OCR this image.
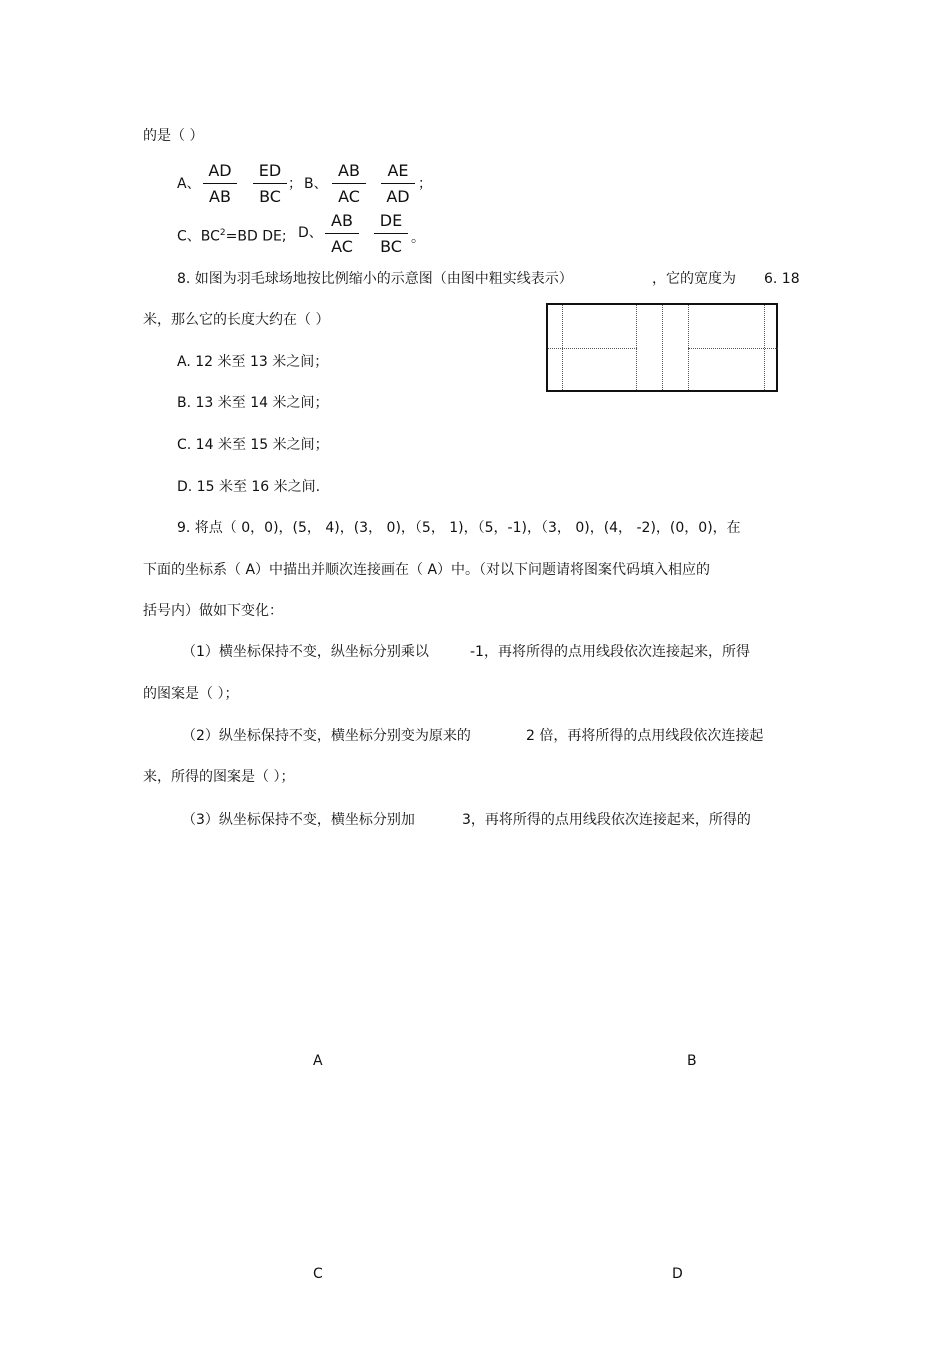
的是（ ）
A、
AD
AB
ED
BC
； B、
AB
AC
AE
AD
；
C、$BC^2=BD$ DE; D、
AB
AC
DE
BC 。
8. 如图为羽毛球场地按比例缩小的示意图（由图中粗实线表示）	，它的宽度为 6. 18
米，那么它的长度大约在（ ）
A. 12 米至 13 米之间；
B. 13 米至 14 米之间；
C. 14 米至 15 米之间；
D. 15 米至 16 米之间.
9. 将点（ 0，0)，(5， 4)，(3， 0)，（5， 1)，（5，-1)，（3， 0)，(4， -2)，(0，0)，在
下面的坐标系（ A）中描出并顺次连接画在（ A）中。（对以下问题请将图案代码填入相应的
括号内）做如下变化：
（1）横坐标保持不变，纵坐标分别乘以	-1，再将所得的点用线段依次连接起来，所得
的图案是（ ）；
（2）纵坐标保持不变，横坐标分别变为原来的	2 倍，再将所得的点用线段依次连接起
来，所得的图案是（ ）；
（3）纵坐标保持不变，横坐标分别加	3，再将所得的点用线段依次连接起来，所得的
A	B
C	D
